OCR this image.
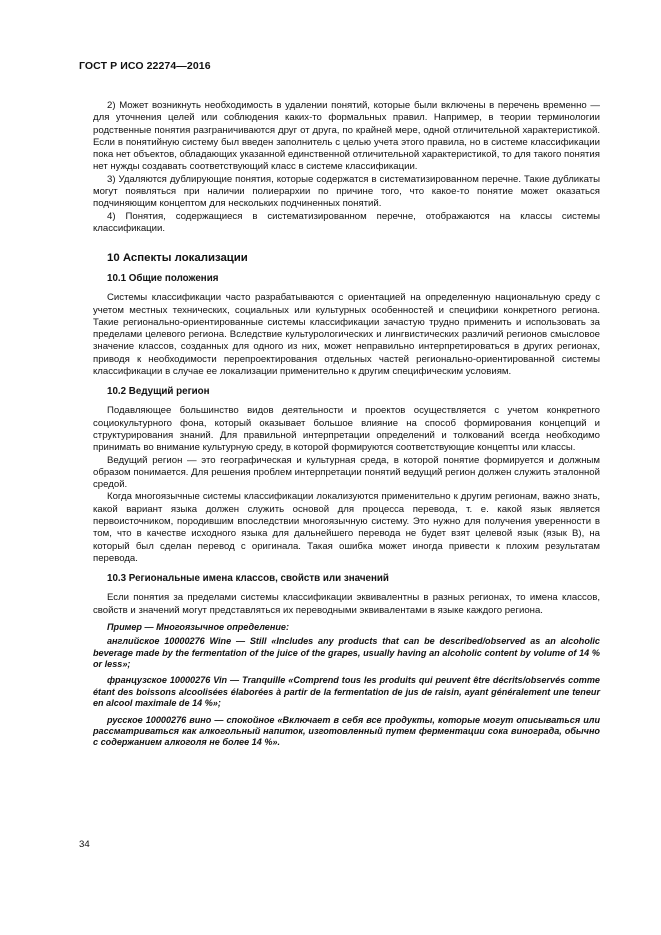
ГОСТ Р ИСО 22274—2016

2) Может возникнуть необходимость в удалении понятий, которые были включены в перечень временно — для уточнения целей или соблюдения каких-то формальных правил. Например, в теории терминологии родственные понятия разграничиваются друг от друга, по крайней мере, одной отличительной характеристикой. Если в понятийную систему был введен заполнитель с целью учета этого правила, но в системе классификации пока нет объектов, обладающих указанной единственной отличительной характеристикой, то для такого понятия нет нужды создавать соответствующий класс в системе классификации.

3) Удаляются дублирующие понятия, которые содержатся в систематизированном перечне. Такие дубликаты могут появляться при наличии полиерархии по причине того, что какое-то понятие может оказаться подчиняющим концептом для нескольких подчиненных понятий.

4) Понятия, содержащиеся в систематизированном перечне, отображаются на классы системы классификации.

10 Аспекты локализации
10.1 Общие положения

Системы классификации часто разрабатываются с ориентацией на определенную национальную среду с учетом местных технических, социальных или культурных особенностей и специфики конкретного региона. Такие регионально-ориентированные системы классификации зачастую трудно применить и использовать за пределами целевого региона. Вследствие культурологических и лингвистических различий регионов смысловое значение классов, созданных для одного из них, может неправильно интерпретироваться в других регионах, приводя к необходимости перепроектирования отдельных частей регионально-ориентированной системы классификации в случае ее локализации применительно к другим специфическим условиям.

10.2 Ведущий регион

Подавляющее большинство видов деятельности и проектов осуществляется с учетом конкретного социокультурного фона, который оказывает большое влияние на способ формирования концепций и структурирования знаний. Для правильной интерпретации определений и толкований всегда необходимо принимать во внимание культурную среду, в которой формируются соответствующие концепты или классы.

Ведущий регион — это географическая и культурная среда, в которой понятие формируется и должным образом понимается. Для решения проблем интерпретации понятий ведущий регион должен служить эталонной средой.

Когда многоязычные системы классификации локализуются применительно к другим регионам, важно знать, какой вариант языка должен служить основой для процесса перевода, т. е. какой язык является первоисточником, породившим впоследствии многоязычную систему. Это нужно для получения уверенности в том, что в качестве исходного языка для дальнейшего перевода не будет взят целевой язык (язык B), на который был сделан перевод с оригинала. Такая ошибка может иногда привести к плохим результатам перевода.

10.3 Региональные имена классов, свойств или значений

Если понятия за пределами системы классификации эквивалентны в разных регионах, то имена классов, свойств и значений могут представляться их переводными эквивалентами в языке каждого региона.

Пример — Многоязычное определение:

английское 10000276 Wine — Still «Includes any products that can be described/observed as an alcoholic beverage made by the fermentation of the juice of the grapes, usually having an alcoholic content by volume of 14 % or less»;

французское 10000276 Vin — Tranquille «Comprend tous les produits qui peuvent être décrits/observés comme étant des boissons alcoolisées élaborées à partir de la fermentation de jus de raisin, ayant généralement une teneur en alcool maximale de 14 %»;

русское 10000276 вино — спокойное «Включает в себя все продукты, которые могут описываться или рассматриваться как алкогольный напиток, изготовленный путем ферментации сока винограда, обычно с содержанием алкоголя не более 14 %».

34
